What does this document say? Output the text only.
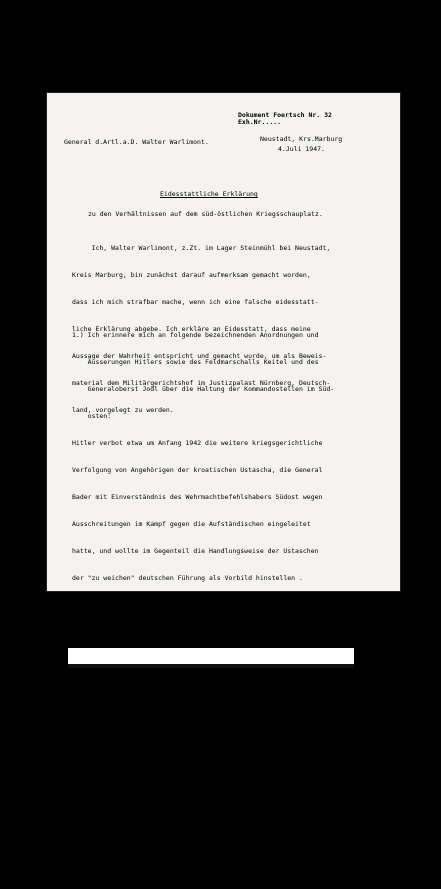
Dokument Foertsch Nr. 32
Exh.Nr.....
General d.Artl.a.D. Walter Warlimont.	Neustadt, Krs.Marburg
4.Juli 1947.
Eidesstattliche Erklärung
zu den Verhältnissen auf dem süd-östlichen Kriegsschauplatz.

Ich, Walter Warlimont, z.Zt. im Lager Steinmühl bei Neustadt,

Kreis Marburg, bin zunächst darauf aufmerksam gemacht worden,

dass ich mich strafbar mache, wenn ich eine falsche eidesstatt-

liche Erklärung abgebe. Ich erkläre an Eidesstatt, dass meine

Aussage der Wahrheit entspricht und gemacht wurde, um als Beweis-

material dem Militärgerichtshof im Justizpalast Nürnberg, Deutsch-

land, vorgelegt zu werden.

1.) Ich erinnere mich an folgende bezeichnenden Anordnungen und

Äusserungen Hitlers sowie des Feldmarschalls Keitel und des

Generaloberst Jodl über die Haltung der Kommandostellen im Süd-

osten:

Hitler verbot etwa um Anfang 1942 die weitere kriegsgerichtliche

Verfolgung von Angehörigen der kroatischen Ustascha, die General

Bader mit Einverständnis des Wehrmachtbefehlshabers Südost wegen

Ausschreitungen im Kampf gegen die Aufständischen eingeleitet

hatte, und wollte im Gegenteil die Handlungsweise der Ustaschen

der "zu weichen" deutschen Führung als Vorbild hinstellen .

Aus gleichen Gründen erklärte Hitler wiederholt, die deutschen

Generale im Südosten sollten sich an Tito ein Beispiel nehmen,

Keitel legte eine Denkschrift des Generaloberst Löhr von Anfang

1943 nicht bei Hitler vor, weil sie den Anschein eines Ausweichens

vor den von Hitler gewollten "drakonischen Massnahmen" wecken

konnte.

Jodl verwarf im Verfolg der Anordnungen und im Auftrage Hitlers

Anfang 1942 die ihm von General Kuntze vorgelegten Pläne zur

weiteren Behandlung der Aufstandsbewegung im Südosten als "zu

milde".
